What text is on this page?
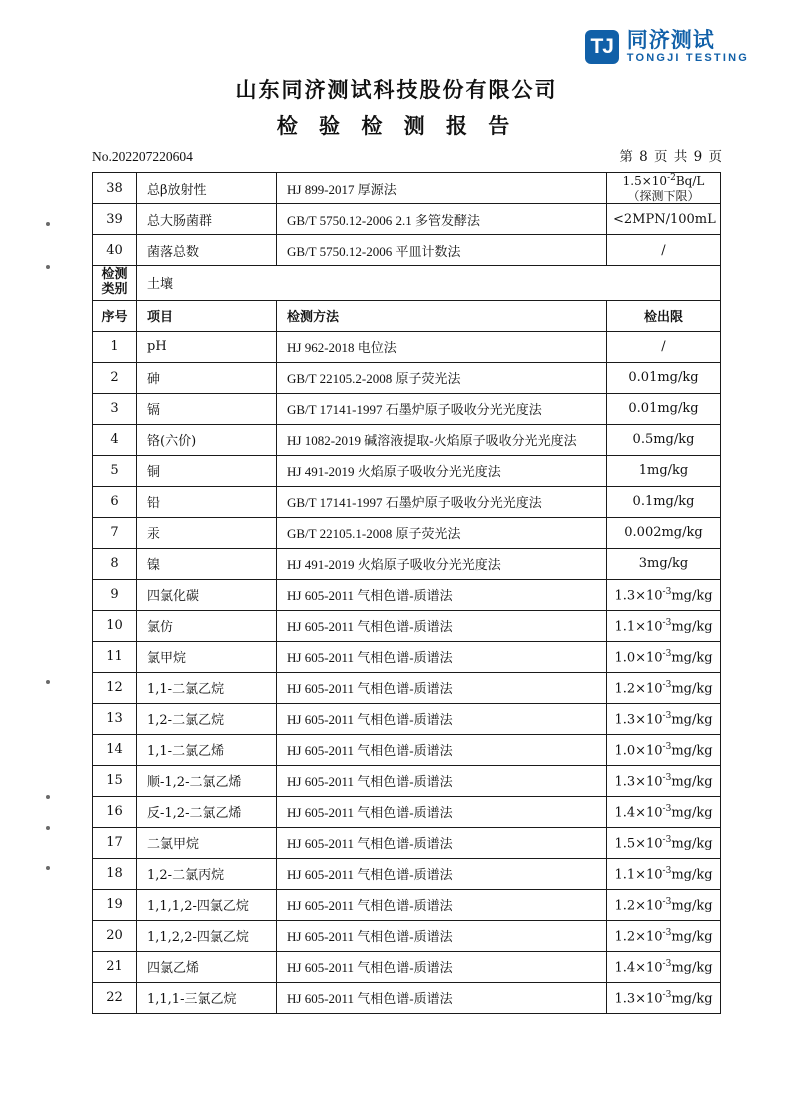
TJ 同济测试
TONGJI TESTING
山东同济测试科技股份有限公司
检 验 检 测 报 告
No.202207220604	第 8 页 共 9 页
38	总β放射性	HJ 899-2017 厚源法	$1.5\times 10^{-2}Bq/L$
（探测下限）

39	总大肠菌群	GB/T 5750.12-2006 2.1 多管发酵法	<2MPN/100mL
40	菌落总数	GB/T 5750.12-2006 平皿计数法	/

检测
类别	土壤		
序号	项目	检测方法	检出限
1	pH	HJ 962-2018 电位法	/
2	砷	GB/T 22105.2-2008 原子荧光法	0.01mg/kg
3	镉	GB/T 17141-1997 石墨炉原子吸收分光光度法	0.01mg/kg
4	铬(六价)	HJ 1082-2019 碱溶液提取-火焰原子吸收分光光度法	0.5mg/kg
5	铜	HJ 491-2019 火焰原子吸收分光光度法	1mg/kg
6	铅	GB/T 17141-1997 石墨炉原子吸收分光光度法	0.1mg/kg
7	汞	GB/T 22105.1-2008 原子荧光法	0.002mg/kg
8	镍	HJ 491-2019 火焰原子吸收分光光度法	3mg/kg
9	四氯化碳	HJ 605-2011 气相色谱-质谱法	$1.3\times 10^{-3}mg/kg$
10	氯仿	HJ 605-2011 气相色谱-质谱法	$1.1\times 10^{-3}mg/kg$
11	氯甲烷	HJ 605-2011 气相色谱-质谱法	$1.0\times 10^{-3}mg/kg$
12	1,1-二氯乙烷	HJ 605-2011 气相色谱-质谱法	$1.2\times 10^{-3}mg/kg$
13	1,2-二氯乙烷	HJ 605-2011 气相色谱-质谱法	$1.3\times 10^{-3}mg/kg$
14	1,1-二氯乙烯	HJ 605-2011 气相色谱-质谱法	$1.0\times 10^{-3}mg/kg$
15	顺-1,2-二氯乙烯	HJ 605-2011 气相色谱-质谱法	$1.3\times 10^{-3}mg/kg$
16	反-1,2-二氯乙烯	HJ 605-2011 气相色谱-质谱法	$1.4\times 10^{-3}mg/kg$
17	二氯甲烷	HJ 605-2011 气相色谱-质谱法	$1.5\times 10^{-3}mg/kg$
18	1,2-二氯丙烷	HJ 605-2011 气相色谱-质谱法	$1.1\times 10^{-3}mg/kg$
19	1,1,1,2-四氯乙烷	HJ 605-2011 气相色谱-质谱法	$1.2\times 10^{-3}mg/kg$
20	1,1,2,2-四氯乙烷	HJ 605-2011 气相色谱-质谱法	$1.2\times 10^{-3}mg/kg$
21	四氯乙烯	HJ 605-2011 气相色谱-质谱法	$1.4\times 10^{-3}mg/kg$
22	1,1,1-三氯乙烷	HJ 605-2011 气相色谱-质谱法	$1.3\times 10^{-3}mg/kg$
